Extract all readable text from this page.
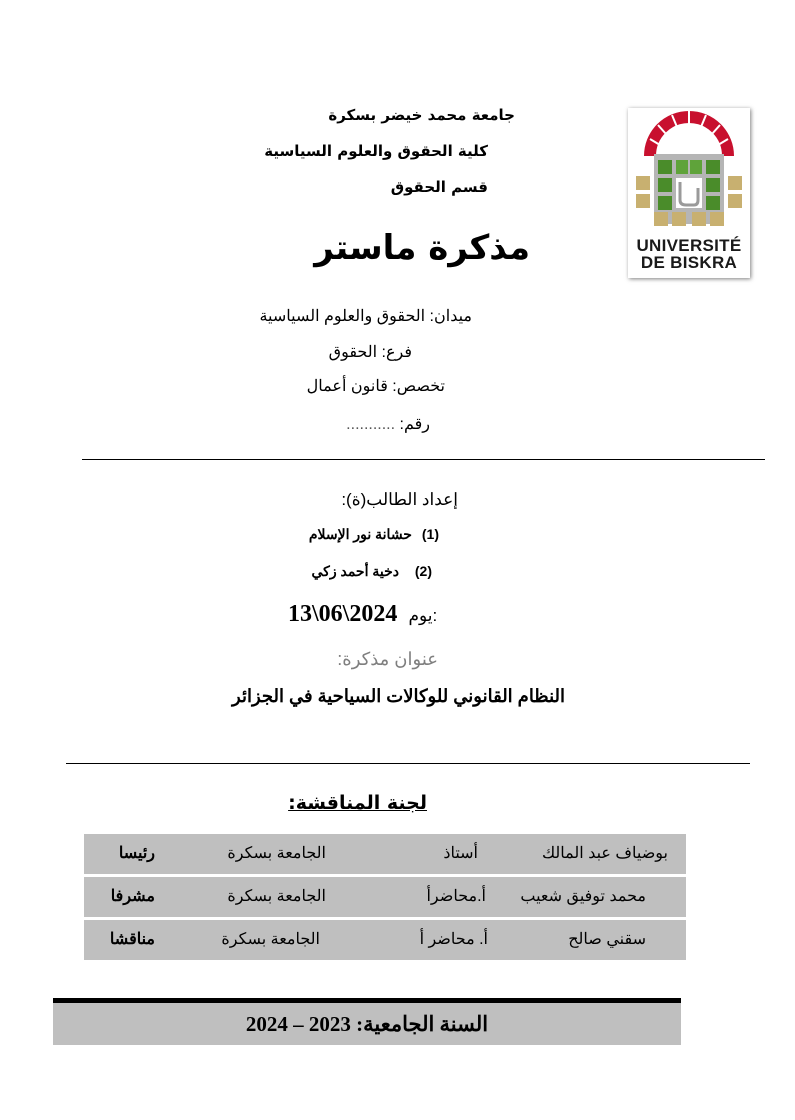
جامعة محمد خيضر بسكرة
كلية الحقوق والعلوم السياسية
قسم الحقوق
UNIVERSITÉ
DE BISKRA
مذكرة ماستر
ميدان: الحقوق والعلوم السياسية
فرع: الحقوق
تخصص: قانون أعمال
رقم: ...........
إعداد الطالب(ة):
(1) حشانة نور الإسلام
(2) دخية أحمد زكي
13\06\2024 يوم:
عنوان مذكرة:
النظام القانوني للوكالات السياحية في الجزائر
لجنة المناقشة:
بوضياف عبد المالك
أستاذ
الجامعة بسكرة
رئيسا
محمد توفيق شعيب
أ.محاضرأ
الجامعة بسكرة
مشرفا
سقني صالح
أ. محاضر أ
الجامعة بسكرة
مناقشا
السنة الجامعية: 2023 – 2024
